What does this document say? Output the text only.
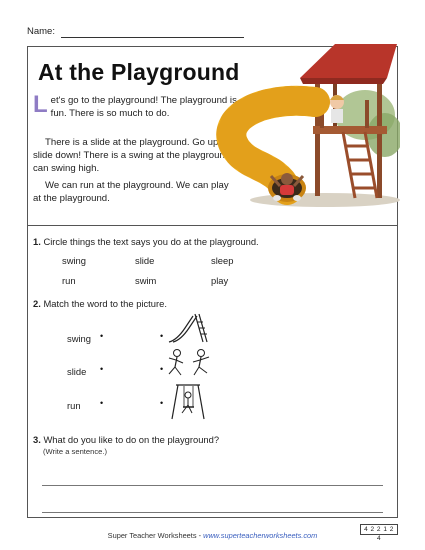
Name:
At the Playground
Let's go to the playground! The playground is fun. There is so much to do.
There is a slide at the playground. Go up and slide down! There is a swing at the playground. I can swing high.
We can run at the playground. We can play at the playground.
1. Circle things the text says you do at the playground.
swing	slide	sleep
run	swim	play
2. Match the word to the picture.
swing •
slide •
run •
•
•
•
3. What do you like to do on the playground?
(Write a sentence.)
Super Teacher Worksheets - www.superteacherworksheets.com
4 2 2 1 2 4
